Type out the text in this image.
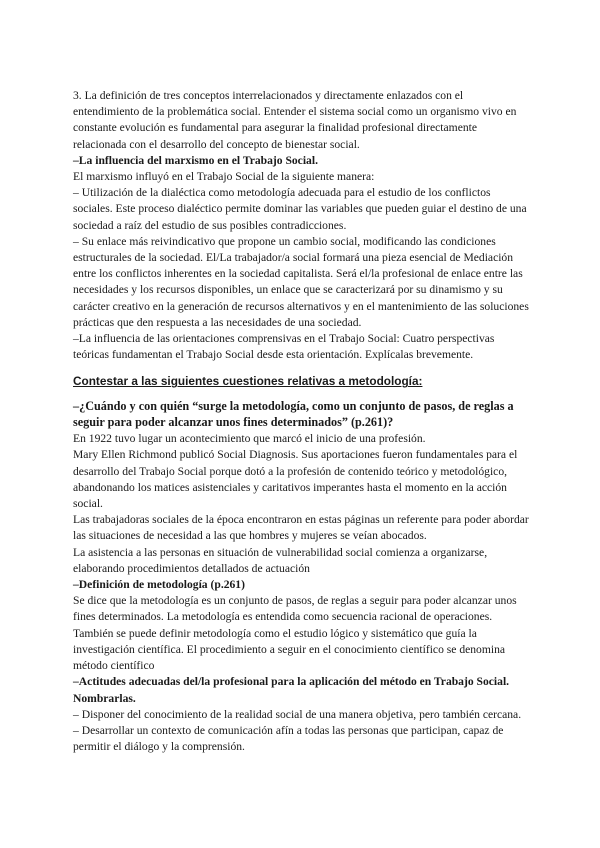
3. La definición de tres conceptos interrelacionados y directamente enlazados con el entendimiento de la problemática social. Entender el sistema social como un organismo vivo en constante evolución es fundamental para asegurar la finalidad profesional directamente relacionada con el desarrollo del concepto de bienestar social.

–La influencia del marxismo en el Trabajo Social.

El marxismo influyó en el Trabajo Social de la siguiente manera:

– Utilización de la dialéctica como metodología adecuada para el estudio de los conflictos sociales. Este proceso dialéctico permite dominar las variables que pueden guiar el destino de una sociedad a raíz del estudio de sus posibles contradicciones.

– Su enlace más reivindicativo que propone un cambio social, modificando las condiciones estructurales de la sociedad. El/La trabajador/a social formará una pieza esencial de Mediación entre los conflictos inherentes en la sociedad capitalista. Será el/la profesional de enlace entre las necesidades y los recursos disponibles, un enlace que se caracterizará por su dinamismo y su carácter creativo en la generación de recursos alternativos y en el mantenimiento de las soluciones prácticas que den respuesta a las necesidades de una sociedad.

–La influencia de las orientaciones comprensivas en el Trabajo Social: Cuatro perspectivas teóricas fundamentan el Trabajo Social desde esta orientación. Explícalas brevemente.

Contestar a las siguientes cuestiones relativas a metodología:

–¿Cuándo y con quién “surge la metodología, como un conjunto de pasos, de reglas a seguir para poder alcanzar unos fines determinados” (p.261)?

En 1922 tuvo lugar un acontecimiento que marcó el inicio de una profesión.

Mary Ellen Richmond publicó Social Diagnosis. Sus aportaciones fueron fundamentales para el desarrollo del Trabajo Social porque dotó a la profesión de contenido teórico y metodológico, abandonando los matices asistenciales y caritativos imperantes hasta el momento en la acción social.

Las trabajadoras sociales de la época encontraron en estas páginas un referente para poder abordar las situaciones de necesidad a las que hombres y mujeres se veían abocados.

La asistencia a las personas en situación de vulnerabilidad social comienza a organizarse, elaborando procedimientos detallados de actuación

–Definición de metodología (p.261)

Se dice que la metodología es un conjunto de pasos, de reglas a seguir para poder alcanzar unos fines determinados. La metodología es entendida como secuencia racional de operaciones. También se puede definir metodología como el estudio lógico y sistemático que guía la investigación científica. El procedimiento a seguir en el conocimiento científico se denomina método científico

–Actitudes adecuadas del/la profesional para la aplicación del método en Trabajo Social. Nombrarlas.

– Disponer del conocimiento de la realidad social de una manera objetiva, pero también cercana.

– Desarrollar un contexto de comunicación afín a todas las personas que participan, capaz de permitir el diálogo y la comprensión.
